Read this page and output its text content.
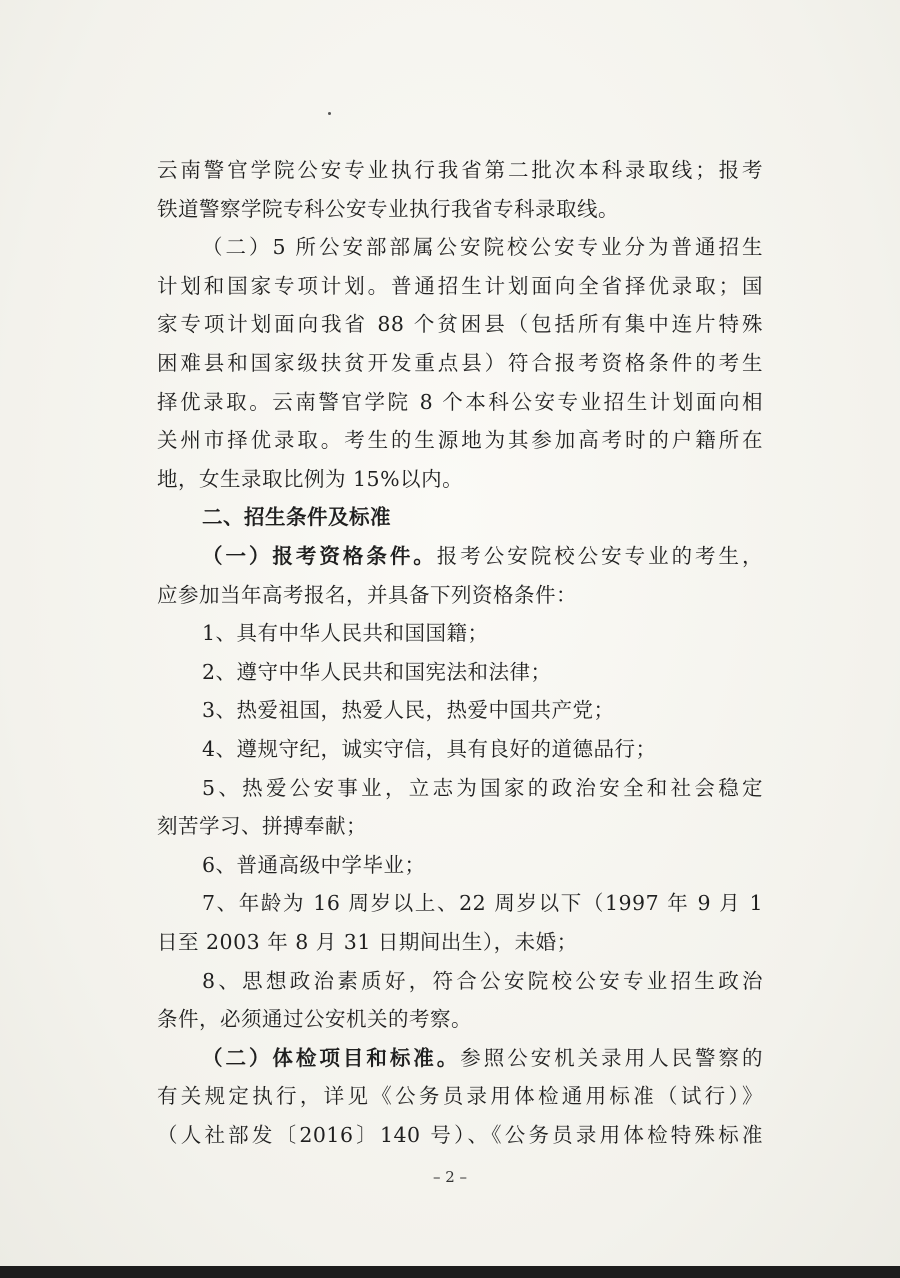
云南警官学院公安专业执行我省第二批次本科录取线；报考
铁道警察学院专科公安专业执行我省专科录取线。
（二）5 所公安部部属公安院校公安专业分为普通招生
计划和国家专项计划。普通招生计划面向全省择优录取；国
家专项计划面向我省 88 个贫困县（包括所有集中连片特殊
困难县和国家级扶贫开发重点县）符合报考资格条件的考生
择优录取。云南警官学院 8 个本科公安专业招生计划面向相
关州市择优录取。考生的生源地为其参加高考时的户籍所在
地，女生录取比例为 15%以内。
二、招生条件及标准
（一）报考资格条件。报考公安院校公安专业的考生，
应参加当年高考报名，并具备下列资格条件：
1、具有中华人民共和国国籍；
2、遵守中华人民共和国宪法和法律；
3、热爱祖国，热爱人民，热爱中国共产党；
4、遵规守纪，诚实守信，具有良好的道德品行；
5、热爱公安事业，立志为国家的政治安全和社会稳定
刻苦学习、拼搏奉献；
6、普通高级中学毕业；
7、年龄为 16 周岁以上、22 周岁以下（1997 年 9 月 1
日至 2003 年 8 月 31 日期间出生），未婚；
8、思想政治素质好，符合公安院校公安专业招生政治
条件，必须通过公安机关的考察。
（二）体检项目和标准。参照公安机关录用人民警察的
有关规定执行，详见《公务员录用体检通用标准（试行）》
（人社部发〔2016〕140 号）、《公务员录用体检特殊标准
– 2 –
